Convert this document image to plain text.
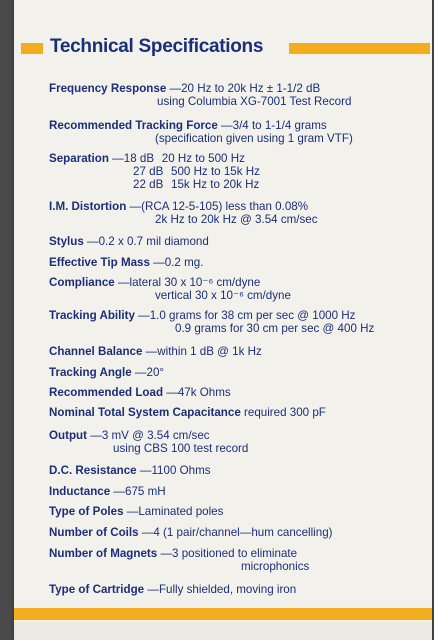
Technical Specifications
Frequency Response —20 Hz to 20k Hz ± 1-1/2 dB
using Columbia XG-7001 Test Record
Recommended Tracking Force —3/4 to 1-1/4 grams
(specification given using 1 gram VTF)
Separation —18 dB 20 Hz to 500 Hz
27 dB 500 Hz to 15k Hz
22 dB 15k Hz to 20k Hz
I.M. Distortion —(RCA 12-5-105) less than 0.08%
2k Hz to 20k Hz @ 3.54 cm/sec
Stylus —0.2 x 0.7 mil diamond
Effective Tip Mass —0.2 mg.
Compliance —lateral 30 x 10⁻⁶ cm/dyne
vertical 30 x 10⁻⁶ cm/dyne
Tracking Ability —1.0 grams for 38 cm per sec @ 1000 Hz
0.9 grams for 30 cm per sec @ 400 Hz
Channel Balance —within 1 dB @ 1k Hz
Tracking Angle —20°
Recommended Load —47k Ohms
Nominal Total System Capacitance required 300 pF
Output —3 mV @ 3.54 cm/sec
using CBS 100 test record
D.C. Resistance —1100 Ohms
Inductance —675 mH
Type of Poles —Laminated poles
Number of Coils —4 (1 pair/channel—hum cancelling)
Number of Magnets —3 positioned to eliminate
microphonics
Type of Cartridge —Fully shielded, moving iron
